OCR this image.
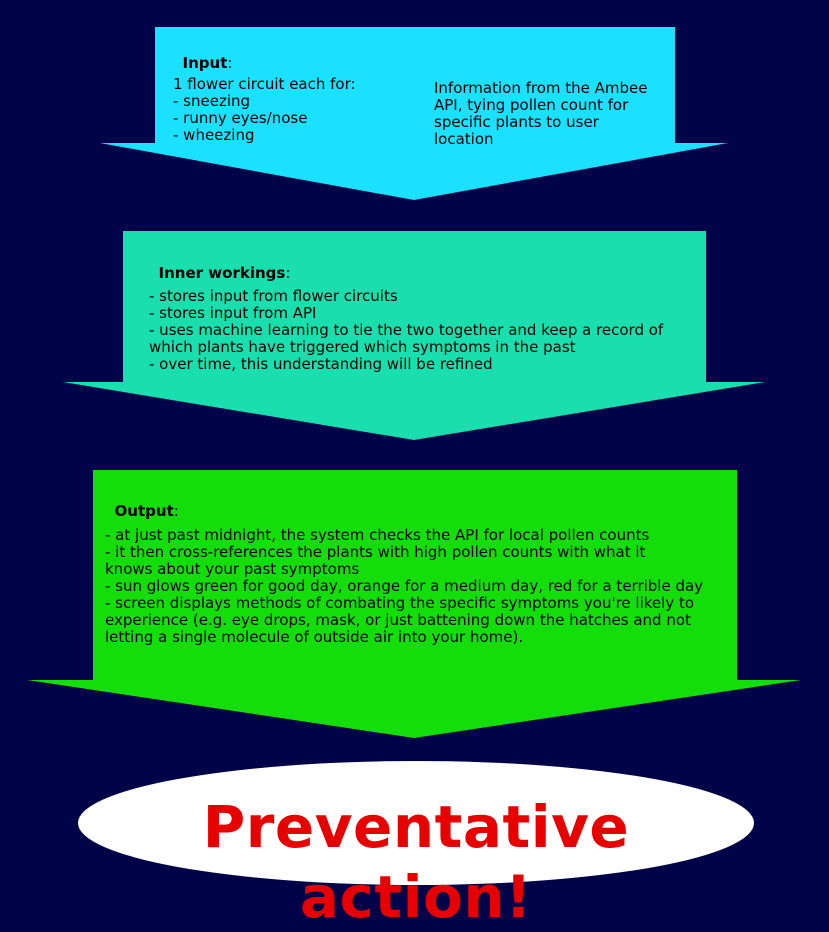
Input:

1 flower circuit each for:
- sneezing
- runny eyes/nose
- wheezing

Information from the Ambee
API, tying pollen count for
specific plants to user
location

Inner workings:

- stores input from flower circuits
- stores input from API
- uses machine learning to tie the two together and keep a record of
which plants have triggered which symptoms in the past
- over time, this understanding will be refined

Output:

- at just past midnight, the system checks the API for local pollen counts
- it then cross-references the plants with high pollen counts with what it
knows about your past symptoms
- sun glows green for good day, orange for a medium day, red for a terrible day
- screen displays methods of combating the specific symptoms you're likely to
experience (e.g. eye drops, mask, or just battening down the hatches and not
letting a single molecule of outside air into your home).

Preventative action!
